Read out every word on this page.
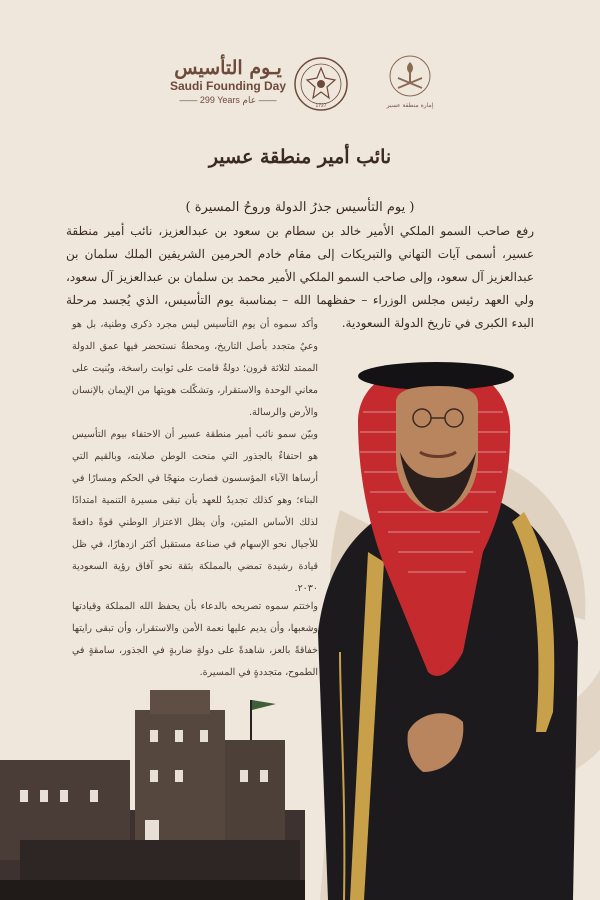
يـوم التأسيس
Saudi Founding Day
—— 299 Years عام ——
1727	إمارة منطقة عسير
نائب أمير منطقة عسير
( يوم التأسيس جذرُ الدولة وروحُ المسيرة )
رفع صاحب السمو الملكي الأمير خالد بن سطام بن سعود بن عبدالعزيز، نائب أمير منطقة عسير، أسمى آيات التهاني والتبريكات إلى مقام خادم الحرمين الشريفين الملك سلمان بن عبدالعزيز آل سعود، وإلى صاحب السمو الملكي الأمير محمد بن سلمان بن عبدالعزيز آل سعود، ولي العهد رئيس مجلس الوزراء – حفظهما الله – بمناسبة يوم التأسيس، الذي يُجسد مرحلة البدء الكبرى في تاريخ الدولة السعودية.
وأكد سموه أن يوم التأسيس ليس مجرد ذكرى وطنية، بل هو وعيٌ متجدد بأصل التاريخ، ومحطةٌ نستحضر فيها عمق الدولة الممتد لثلاثة قرون؛ دولةٌ قامت على ثوابت راسخة، وبُنيت على معاني الوحدة والاستقرار، وتشكّلت هويتها من الإيمان بالإنسان والأرض والرسالة.
وبيّن سمو نائب أمير منطقة عسير أن الاحتفاء بيوم التأسيس هو احتفاءٌ بالجذور التي منحت الوطن صلابته، وبالقيم التي أرساها الآباء المؤسسون فصارت منهجًا في الحكم ومسارًا في البناء؛ وهو كذلك تجديدٌ للعهد بأن تبقى مسيرة التنمية امتدادًا لذلك الأساس المتين، وأن يظل الاعتزاز الوطني قوةً دافعةً للأجيال نحو الإسهام في صناعة مستقبل أكثر ازدهارًا، في ظل قيادة رشيدة تمضي بالمملكة بثقة نحو آفاق رؤية السعودية ٢٠٣٠.
واختتم سموه تصريحه بالدعاء بأن يحفظ الله المملكة وقيادتها وشعبها، وأن يديم عليها نعمة الأمن والاستقرار، وأن تبقى رايتها خفاقةً بالعز، شاهدةً على دولةٍ ضاربةٍ في الجذور، سامقةٍ في الطموح، متجددةٍ في المسيرة.
